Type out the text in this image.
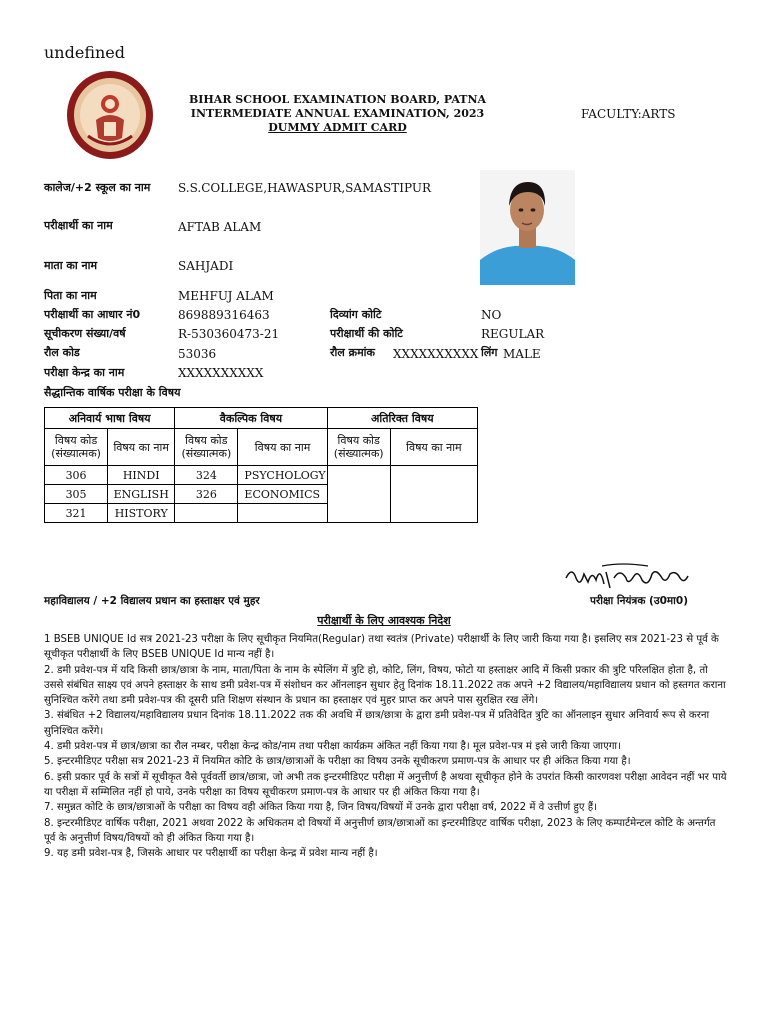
undefined
BIHAR SCHOOL EXAMINATION BOARD, PATNA
INTERMEDIATE ANNUAL EXAMINATION, 2023
DUMMY ADMIT CARD
FACULTY:ARTS
कालेज/+2 स्कूल का नाम S.S.COLLEGE,HAWASPUR,SAMASTIPUR
परीक्षार्थी का नाम	AFTAB ALAM
माता का नाम	SAHJADI
पिता का नाम	MEHFUJ ALAM
परीक्षार्थी का आधार नं0	869889316463
सूचीकरण संख्या/वर्ष	R-530360473-21
रौल कोड	53036
परीक्षा केन्द्र का नाम	XXXXXXXXXX
दिव्यांग कोटि	NO
परीक्षार्थी की कोटि	REGULAR
रौल क्रमांक XXXXXXXXXX लिंग MALE
सैद्धान्तिक वार्षिक परीक्षा के विषय
अनिवार्य भाषा विषय		वैकल्पिक विषय		अतिरिक्त विषय	
विषय कोड (संख्यात्मक)	विषय का नाम	विषय कोड (संख्यात्मक)	विषय का नाम	विषय कोड (संख्यात्मक)	विषय का नाम
306	HINDI	324	PSYCHOLOGY		
305	ENGLISH	326	ECONOMICS		
321	HISTORY				
महाविद्यालय / +2 विद्यालय प्रधान का हस्ताक्षर एवं मुहर	परीक्षा नियंत्रक (उ0मा0)
परीक्षार्थी के लिए आवश्यक निदेश

1 BSEB UNIQUE Id सत्र 2021-23 परीक्षा के लिए सूचीकृत नियमित(Regular) तथा स्वतंत्र (Private) परीक्षार्थी के लिए जारी किया गया है। इसलिए सत्र 2021-23 से पूर्व के सूचीकृत परीक्षार्थी के लिए BSEB UNIQUE Id मान्य नहीं है।

2. डमी प्रवेश-पत्र में यदि किसी छात्र/छात्रा के नाम, माता/पिता के नाम के स्पेलिंग में त्रुटि हो, कोटि, लिंग, विषय, फोटो या हस्ताक्षर आदि में किसी प्रकार की त्रुटि परिलक्षित होता है, तो उससे संबंधित साक्ष्य एवं अपने हस्ताक्षर के साथ डमी प्रवेश-पत्र में संशोधन कर ऑनलाइन सुधार हेतु दिनांक 18.11.2022 तक अपने +2 विद्यालय/महाविद्यालय प्रधान को हस्तगत कराना सुनिश्चित करेंगे तथा डमी प्रवेश-पत्र की दूसरी प्रति शिक्षण संस्थान के प्रधान का हस्ताक्षर एवं मुहर प्राप्त कर अपने पास सुरक्षित रख लेंगे।

3. संबंधित +2 विद्यालय/महाविद्यालय प्रधान दिनांक 18.11.2022 तक की अवधि में छात्र/छात्रा के द्वारा डमी प्रवेश-पत्र में प्रतिवेदित त्रुटि का ऑनलाइन सुधार अनिवार्य रूप से करना सुनिश्चित करेंगे।

4. डमी प्रवेश-पत्र में छात्र/छात्रा का रौल नम्बर, परीक्षा केन्द्र कोड/नाम तथा परीक्षा कार्यक्रम अंकित नहीं किया गया है। मूल प्रवेश-पत्र मं इसे जारी किया जाएगा।

5. इन्टरमीडिएट परीक्षा सत्र 2021-23 में नियमित कोटि के छात्र/छात्राओं के परीक्षा का विषय उनके सूचीकरण प्रमाण-पत्र के आधार पर ही अंकित किया गया है।

6. इसी प्रकार पूर्व के सत्रों में सूचीकृत वैसे पूर्ववर्ती छात्र/छात्रा, जो अभी तक इन्टरमीडिएट परीक्षा में अनुत्तीर्ण है अथवा सूचीकृत होने के उपरांत किसी कारणवश परीक्षा आवेदन नहीं भर पाये या परीक्षा में सम्मिलित नहीं हो पाये, उनके परीक्षा का विषय सूचीकरण प्रमाण-पत्र के आधार पर ही अंकित किया गया है।

7. समुन्नत कोटि के छात्र/छात्राओं के परीक्षा का विषय वही अंकित किया गया है, जिन विषय/विषयों में उनके द्वारा परीक्षा वर्ष, 2022 में वे उत्तीर्ण हुए हैं।

8. इन्टरमीडिएट वार्षिक परीक्षा, 2021 अथवा 2022 के अधिकतम दो विषयों में अनुत्तीर्ण छात्र/छात्राओं का इन्टरमीडिएट वार्षिक परीक्षा, 2023 के लिए कम्पार्टमेन्टल कोटि के अन्तर्गत पूर्व के अनुत्तीर्ण विषय/विषयों को ही अंकित किया गया है।

9. यह डमी प्रवेश-पत्र है, जिसके आधार पर परीक्षार्थी का परीक्षा केन्द्र में प्रवेश मान्य नहीं है।
